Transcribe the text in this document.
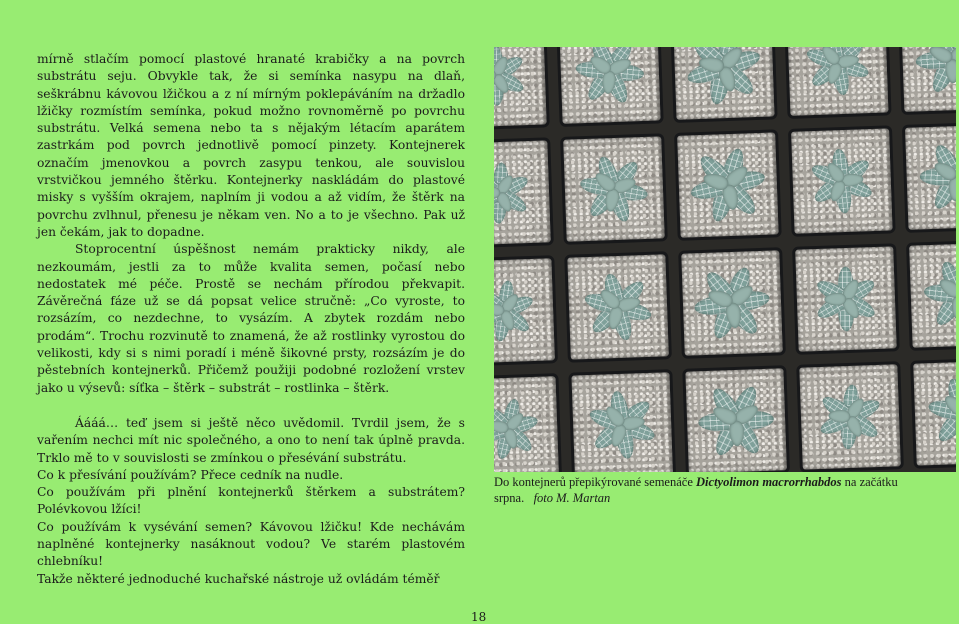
mírně stlačím pomocí plastové hranaté krabičky a na povrch substrátu seju. Obvykle tak, že si semínka nasypu na dlaň, seškrábnu kávovou lžičkou a z ní mírným poklepáváním na držadlo lžičky rozmístím semínka, pokud možno rovnoměrně po povrchu substrátu. Velká semena nebo ta s nějakým létacím aparátem zastrkám pod povrch jednotlivě pomocí pinzety. Kontejnerek označím jmenovkou a povrch zasypu tenkou, ale souvislou vrstvičkou jemného štěrku. Kontejnerky naskládám do plastové misky s vyšším okrajem, naplním ji vodou a až vidím, že štěrk na povrchu zvlhnul, přenesu je někam ven. No a to je všechno. Pak už jen čekám, jak to dopadne.

Stoprocentní úspěšnost nemám prakticky nikdy, ale nezkoumám, jestli za to může kvalita semen, počasí nebo nedostatek mé péče. Prostě se nechám přírodou překvapit. Závěrečná fáze už se dá popsat velice stručně: „Co vyroste, to rozsázím, co nezdechne, to vysázím. A zbytek rozdám nebo prodám“. Trochu rozvinutě to znamená, že až rostlinky vyrostou do velikosti, kdy si s nimi poradí i méně šikovné prsty, rozsázím je do pěstebních kontejnerků. Přičemž použiji podobné rozložení vrstev jako u výsevů: síťka – štěrk – substrát – rostlinka – štěrk.

Áááá… teď jsem si ještě něco uvědomil. Tvrdil jsem, že s vařením nechci mít nic společného, a ono to není tak úplně pravda. Trklo mě to v souvislosti se zmínkou o přesévání substrátu.

Co k přesívání používám? Přece cedník na nudle.

Co používám při plnění kontejnerků štěrkem a substrátem? Polévkovou lžíci!

Co používám k vysévání semen? Kávovou lžičku! Kde nechávám naplněné kontejnerky nasáknout vodou? Ve starém plastovém chlebníku!

Takže některé jednoduché kuchařské nástroje už ovládám téměř

Do kontejnerů přepikýrované semenáče Dictyolimon macrorrhabdos na začátku srpna. foto M. Martan
18
